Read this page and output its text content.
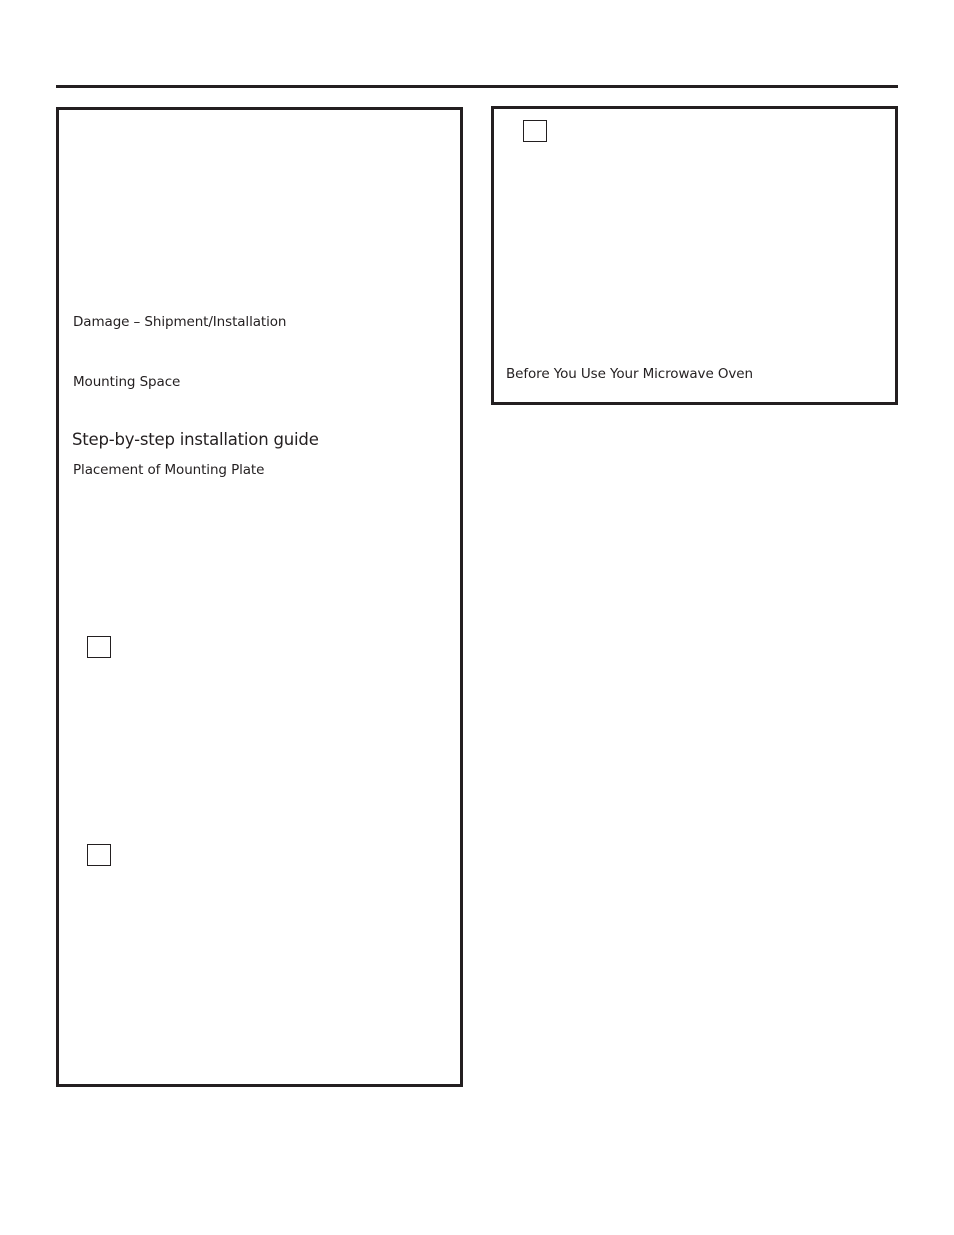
Damage – Shipment/Installation
Mounting Space
Step-by-step installation guide
Placement of Mounting Plate
Before You Use Your Microwave Oven
